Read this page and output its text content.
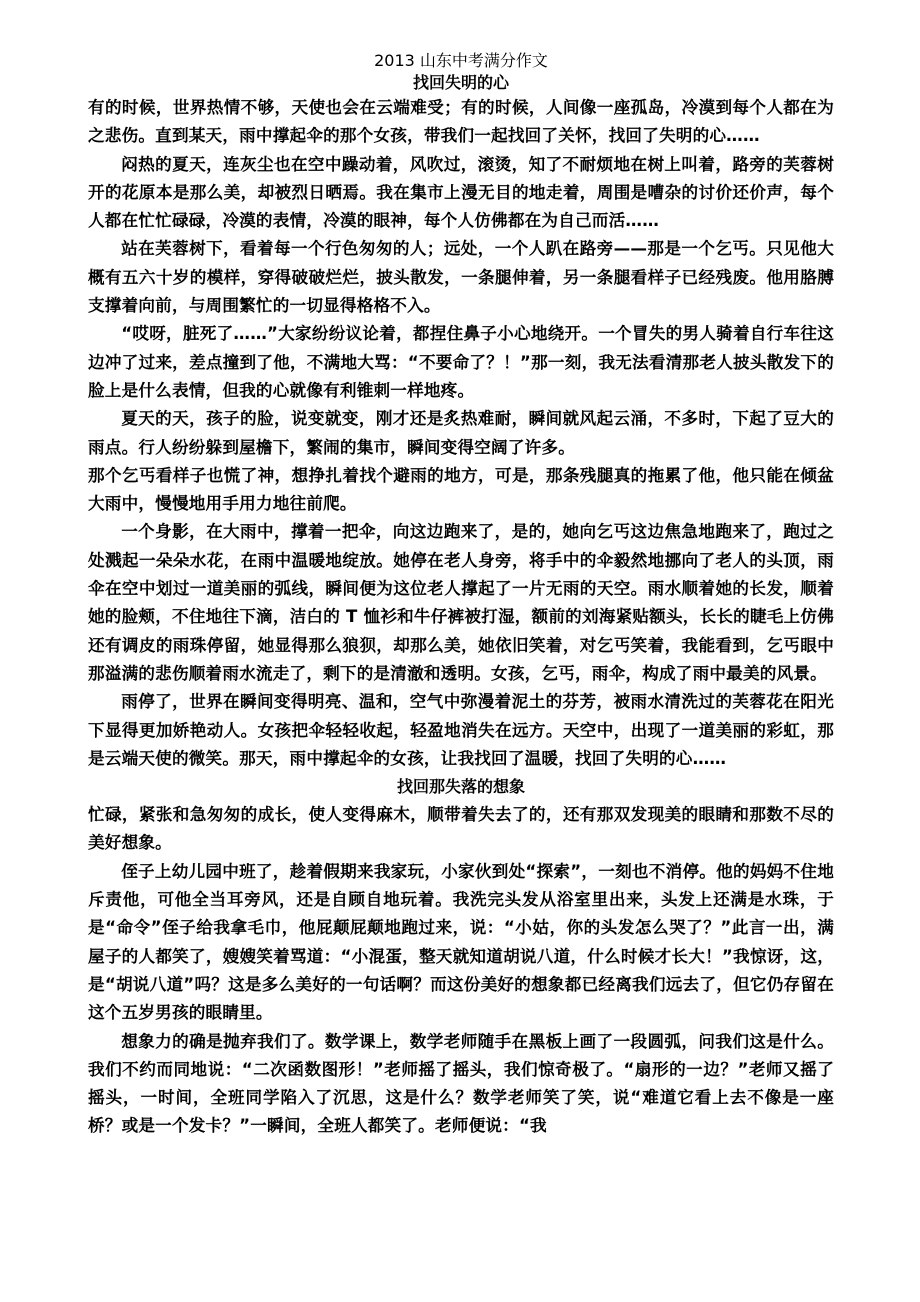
2013 山东中考满分作文
找回失明的心

有的时候，世界热情不够，天使也会在云端难受；有的时候，人间像一座孤岛，冷漠到每个人都在为之悲伤。直到某天，雨中撑起伞的那个女孩，带我们一起找回了关怀，找回了失明的心……

闷热的夏天，连灰尘也在空中躁动着，风吹过，滚烫，知了不耐烦地在树上叫着，路旁的芙蓉树开的花原本是那么美，却被烈日晒焉。我在集市上漫无目的地走着，周围是嘈杂的讨价还价声，每个人都在忙忙碌碌，冷漠的表情，冷漠的眼神，每个人仿佛都在为自己而活……

站在芙蓉树下，看着每一个行色匆匆的人；远处，一个人趴在路旁——那是一个乞丐。只见他大概有五六十岁的模样，穿得破破烂烂，披头散发，一条腿伸着，另一条腿看样子已经残废。他用胳膊支撑着向前，与周围繁忙的一切显得格格不入。

“哎呀，脏死了……”大家纷纷议论着，都捏住鼻子小心地绕开。一个冒失的男人骑着自行车往这边冲了过来，差点撞到了他，不满地大骂：“不要命了？！”那一刻，我无法看清那老人披头散发下的脸上是什么表情，但我的心就像有利锥刺一样地疼。

夏天的天，孩子的脸，说变就变，刚才还是炙热难耐，瞬间就风起云涌，不多时，下起了豆大的雨点。行人纷纷躲到屋檐下，繁闹的集市，瞬间变得空阔了许多。

那个乞丐看样子也慌了神，想挣扎着找个避雨的地方，可是，那条残腿真的拖累了他，他只能在倾盆大雨中，慢慢地用手用力地往前爬。

一个身影，在大雨中，撑着一把伞，向这边跑来了，是的，她向乞丐这边焦急地跑来了，跑过之处溅起一朵朵水花，在雨中温暖地绽放。她停在老人身旁，将手中的伞毅然地挪向了老人的头顶，雨伞在空中划过一道美丽的弧线，瞬间便为这位老人撑起了一片无雨的天空。雨水顺着她的长发，顺着她的脸颊，不住地往下滴，洁白的 T 恤衫和牛仔裤被打湿，额前的刘海紧贴额头，长长的睫毛上仿佛还有调皮的雨珠停留，她显得那么狼狈，却那么美，她依旧笑着，对乞丐笑着，我能看到，乞丐眼中那溢满的悲伤顺着雨水流走了，剩下的是清澈和透明。女孩，乞丐，雨伞，构成了雨中最美的风景。

雨停了，世界在瞬间变得明亮、温和，空气中弥漫着泥土的芬芳，被雨水清洗过的芙蓉花在阳光下显得更加娇艳动人。女孩把伞轻轻收起，轻盈地消失在远方。天空中，出现了一道美丽的彩虹，那是云端天使的微笑。那天，雨中撑起伞的女孩，让我找回了温暖，找回了失明的心……

找回那失落的想象

忙碌，紧张和急匆匆的成长，使人变得麻木，顺带着失去了的，还有那双发现美的眼睛和那数不尽的美好想象。

侄子上幼儿园中班了，趁着假期来我家玩，小家伙到处“探索”，一刻也不消停。他的妈妈不住地斥责他，可他全当耳旁风，还是自顾自地玩着。我洗完头发从浴室里出来，头发上还满是水珠，于是“命令”侄子给我拿毛巾，他屁颠屁颠地跑过来，说：“小姑，你的头发怎么哭了？”此言一出，满屋子的人都笑了，嫂嫂笑着骂道：“小混蛋，整天就知道胡说八道，什么时候才长大！”我惊讶，这，是“胡说八道”吗？这是多么美好的一句话啊？而这份美好的想象都已经离我们远去了，但它仍存留在这个五岁男孩的眼睛里。

想象力的确是抛弃我们了。数学课上，数学老师随手在黑板上画了一段圆弧，问我们这是什么。我们不约而同地说：“二次函数图形！”老师摇了摇头，我们惊奇极了。“扇形的一边？”老师又摇了摇头，一时间，全班同学陷入了沉思，这是什么？数学老师笑了笑，说“难道它看上去不像是一座桥？或是一个发卡？”一瞬间，全班人都笑了。老师便说：“我
